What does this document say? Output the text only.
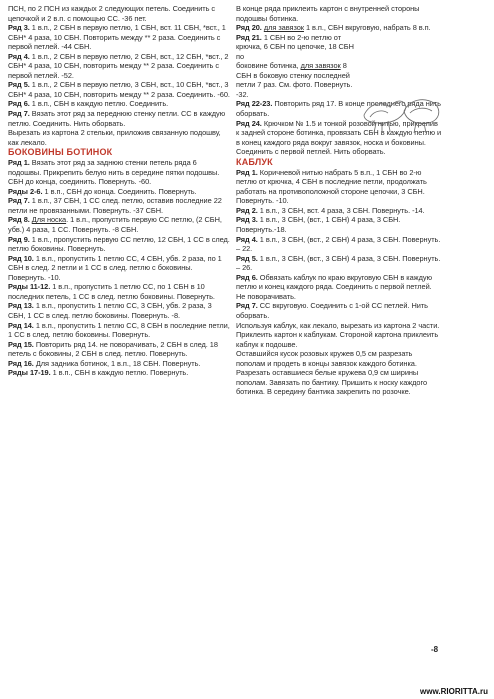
ПСН, по 2 ПСН из каждых 2 следующих петель. Соединить с цепочкой и 2 в.п. с помощью СС. -36 пет.

Ряд 3. 1 в.п., 2 СБН в первую петлю, 1 СБН, вст. 11 СБН, *вст., 1 СБН* 4 раза, 10 СБН. Повторить между ** 2 раза. Соединить с первой петлей. -44 СБН.

Ряд 4. 1 в.п., 2 СБН в первую петлю, 2 СБН, вст., 12 СБН, *вст., 2 СБН* 4 раза, 10 СБН, повторить между ** 2 раза. Соединить с первой петлей. -52.

Ряд 5. 1 в.п., 2 СБН в первую петлю, 3 СБН, вст., 10 СБН, *вст., 3 СБН* 4 раза, 10 СБН, повторить между ** 2 раза. Соединить. -60.

Ряд 6. 1 в.п., СБН в каждую петлю. Соединить.

Ряд 7. Вязать этот ряд за переднюю стенку петли. СС в каждую петлю. Соединить. Нить оборвать.

Вырезать из картона 2 стельки, приложив связанную подошву, как лекало.

БОКОВИНЫ БОТИНОК

Ряд 1. Вязать этот ряд за заднюю стенки петель ряда 6 подошвы. Прикрепить белую нить в середине пятки подошвы. СБН до конца, соединить. Повернуть. -60.

Ряды 2-6. 1 в.п., СБН до конца. Соединить. Повернуть.

Ряд 7. 1 в.п., 37 СБН, 1 СС след. петлю, оставив последние 22 петли не провязанными. Повернуть. -37 СБН.

Ряд 8. Для носка. 1 в.п., пропустить первую СС петлю, (2 СБН, убв.) 4 раза, 1 СС. Повернуть. -8 СБН.

Ряд 9. 1 в.п., пропустить первую СС петлю, 12 СБН, 1 СС в след. петлю боковины. Повернуть.

Ряд 10. 1 в.п., пропустить 1 петлю СС, 4 СБН, убв. 2 раза, по 1 СБН в след. 2 петли и 1 СС в след. петлю с боковины. Повернуть. -10.

Ряды 11-12. 1 в.п., пропустить 1 петлю СС, по 1 СБН в 10 последних петель, 1 СС в след. петлю боковины. Повернуть.

Ряд 13. 1 в.п., пропустить 1 петлю СС, 3 СБН, убв. 2 раза, 3 СБН, 1 СС в след. петлю боковины. Повернуть. -8.

Ряд 14. 1 в.п., пропустить 1 петлю СС, 8 СБН в последние петли, 1 СС в след. петлю боковины. Повернуть.

Ряд 15. Повторить ряд 14. не поворачивать, 2 СБН в след. 18 петель с боковины, 2 СБН в след. петлю. Повернуть.

Ряд 16. Для задника ботинок, 1 в.п., 18 СБН. Повернуть.

Ряды 17-19. 1 в.п., СБН в каждую петлю. Повернуть.

В конце ряда приклеить картон с внутренней стороны подошвы ботинка.

Ряд 20. для завязок 1 в.п., СБН вкруговую, набрать 8 в.п.

Ряд 21. 1 СБН во 2-ю петлю от крючка, 6 СБН по цепочке, 18 СБН по

боковине ботинка, для завязок 8 СБН в боковую стенку последней петли 7 раз. См. фото. Повернуть. -32.

Ряд 22-23. Повторить ряд 17. В конце последнего ряда нить оборвать.

Ряд 24. Крючком № 1.5 и тонкой розовой нитью, прикрепив к задней стороне ботинка, провязать СБН в каждую петлю и в конец каждого ряда вокруг завязок, носка и боковины. Соединить с первой петлей. Нить оборвать.

КАБЛУК

Ряд 1. Коричневой нитью набрать 5 в.п., 1 СБН во 2-ю петлю от крючка, 4 СБН в последние петли, продолжать работать на противоположной стороне цепочки, 3 СБН. Повернуть. -10.

Ряд 2. 1 в.п., 3 СБН, вст. 4 раза, 3 СБН. Повернуть. -14.

Ряд 3. 1 в.п., 3 СБН, (вст., 1 СБН) 4 раза, 3 СБН. Повернуть.-18.

Ряд 4. 1 в.п., 3 СБН, (вст., 2 СБН) 4 раза, 3 СБН. Повернуть. – 22.

Ряд 5. 1 в.п., 3 СБН, (вст., 3 СБН) 4 раза, 3 СБН. Повернуть. – 26.

Ряд 6. Обвязать каблук по краю вкруговую СБН в каждую петлю и конец каждого ряда. Соединить с первой петлей. Не поворачивать.

Ряд 7. СС вкруговую. Соединить с 1-ой СС петлей. Нить оборвать.

Используя каблук, как лекало, вырезать из картона 2 части. Приклеить картон к каблукам. Стороной картона приклеить каблук к подошве.

Оставшийся кусок розовых кружев 0,5 см разрезать пополам и продеть в концы завязок каждого ботинка. Разрезать оставшиеся белые кружева 0,9 см ширины пополам. Завязать по бантику. Пришить к носку каждого ботинка. В середину бантика закрепить по розочке.

-8
www.RIORITTA.ru
